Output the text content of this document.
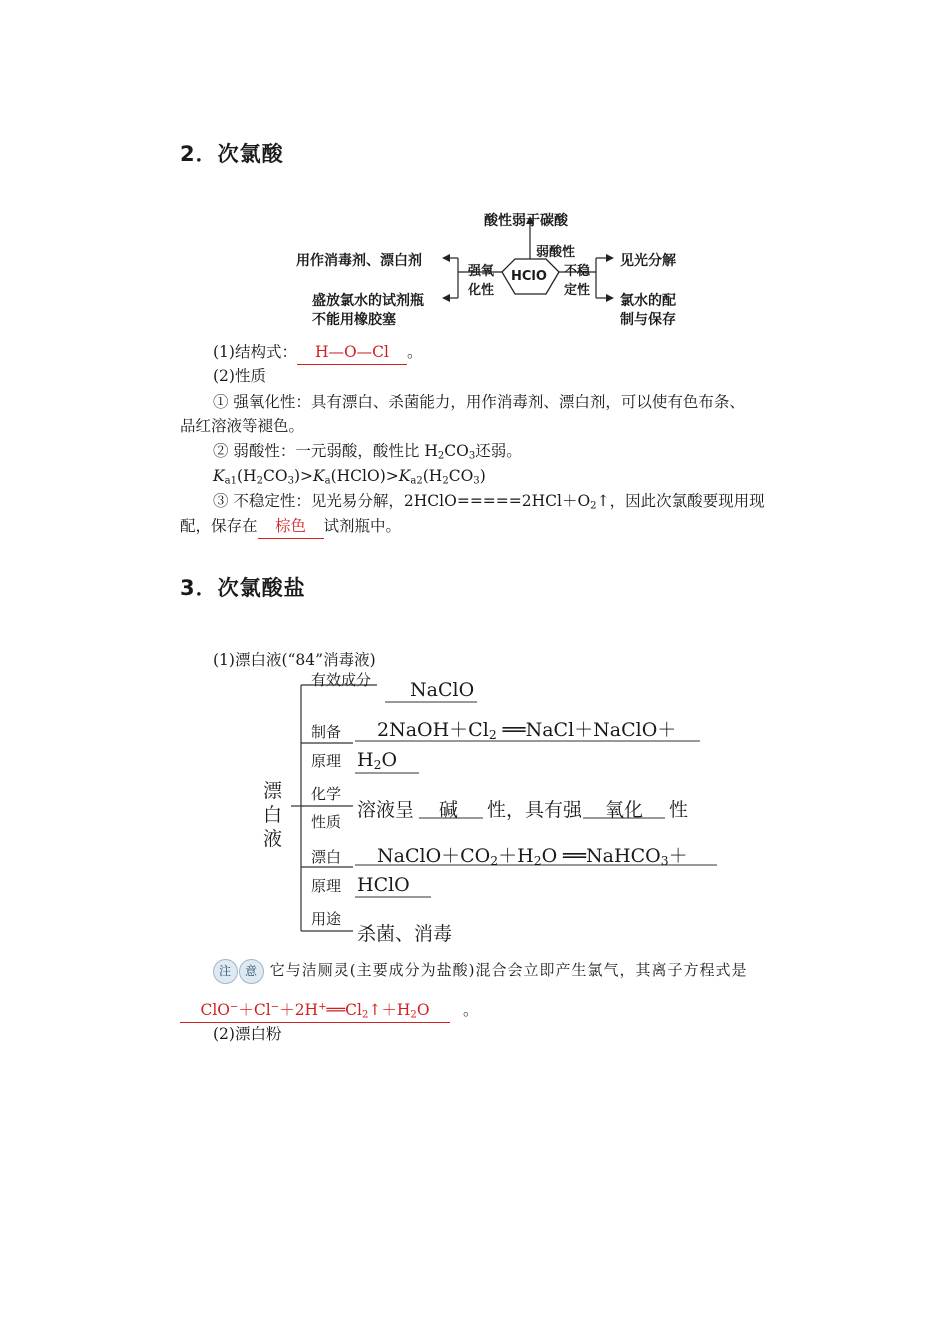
2．次氯酸
酸性弱于碳酸
弱酸性
HClO
强氧
化性
不稳
定性
用作消毒剂、漂白剂
盛放氯水的试剂瓶
不能用橡胶塞
见光分解
氯水的配
制与保存
(1)结构式： H—O—Cl 。
(2)性质
① 强氧化性：具有漂白、杀菌能力，用作消毒剂、漂白剂，可以使有色布条、
品红溶液等褪色。
② 弱酸性：一元弱酸，酸性比 $H_2CO_3$还弱。
$K_{a1}(H_2CO_3)>K_a(HClO)>K_{a2}(H_2CO_3)$
③ 不稳定性：见光易分解，$2HClO=====2HCl+O_2↑$，因此次氯酸要现用现
配，保存在 棕色 试剂瓶中。
3．次氯酸盐
(1)漂白液(“84”消毒液)
漂
白
液
有效成分 NaClO
制备
原理
$2NaOH+Cl_2$ ══NaCl＋NaClO＋
$H_2O$
化学
性质
溶液呈 碱 性，具有强 氧化 性
漂白
原理
$NaClO+CO_2+H_2O$ ══NaHCO$_3$＋
HClO
用途
杀菌、消毒
注 意 它与洁厕灵(主要成分为盐酸)混合会立即产生氯气，其离子方程式是
$ClO^-+Cl^-+2H^+══Cl_2↑+H_2O$ 。
(2)漂白粉
